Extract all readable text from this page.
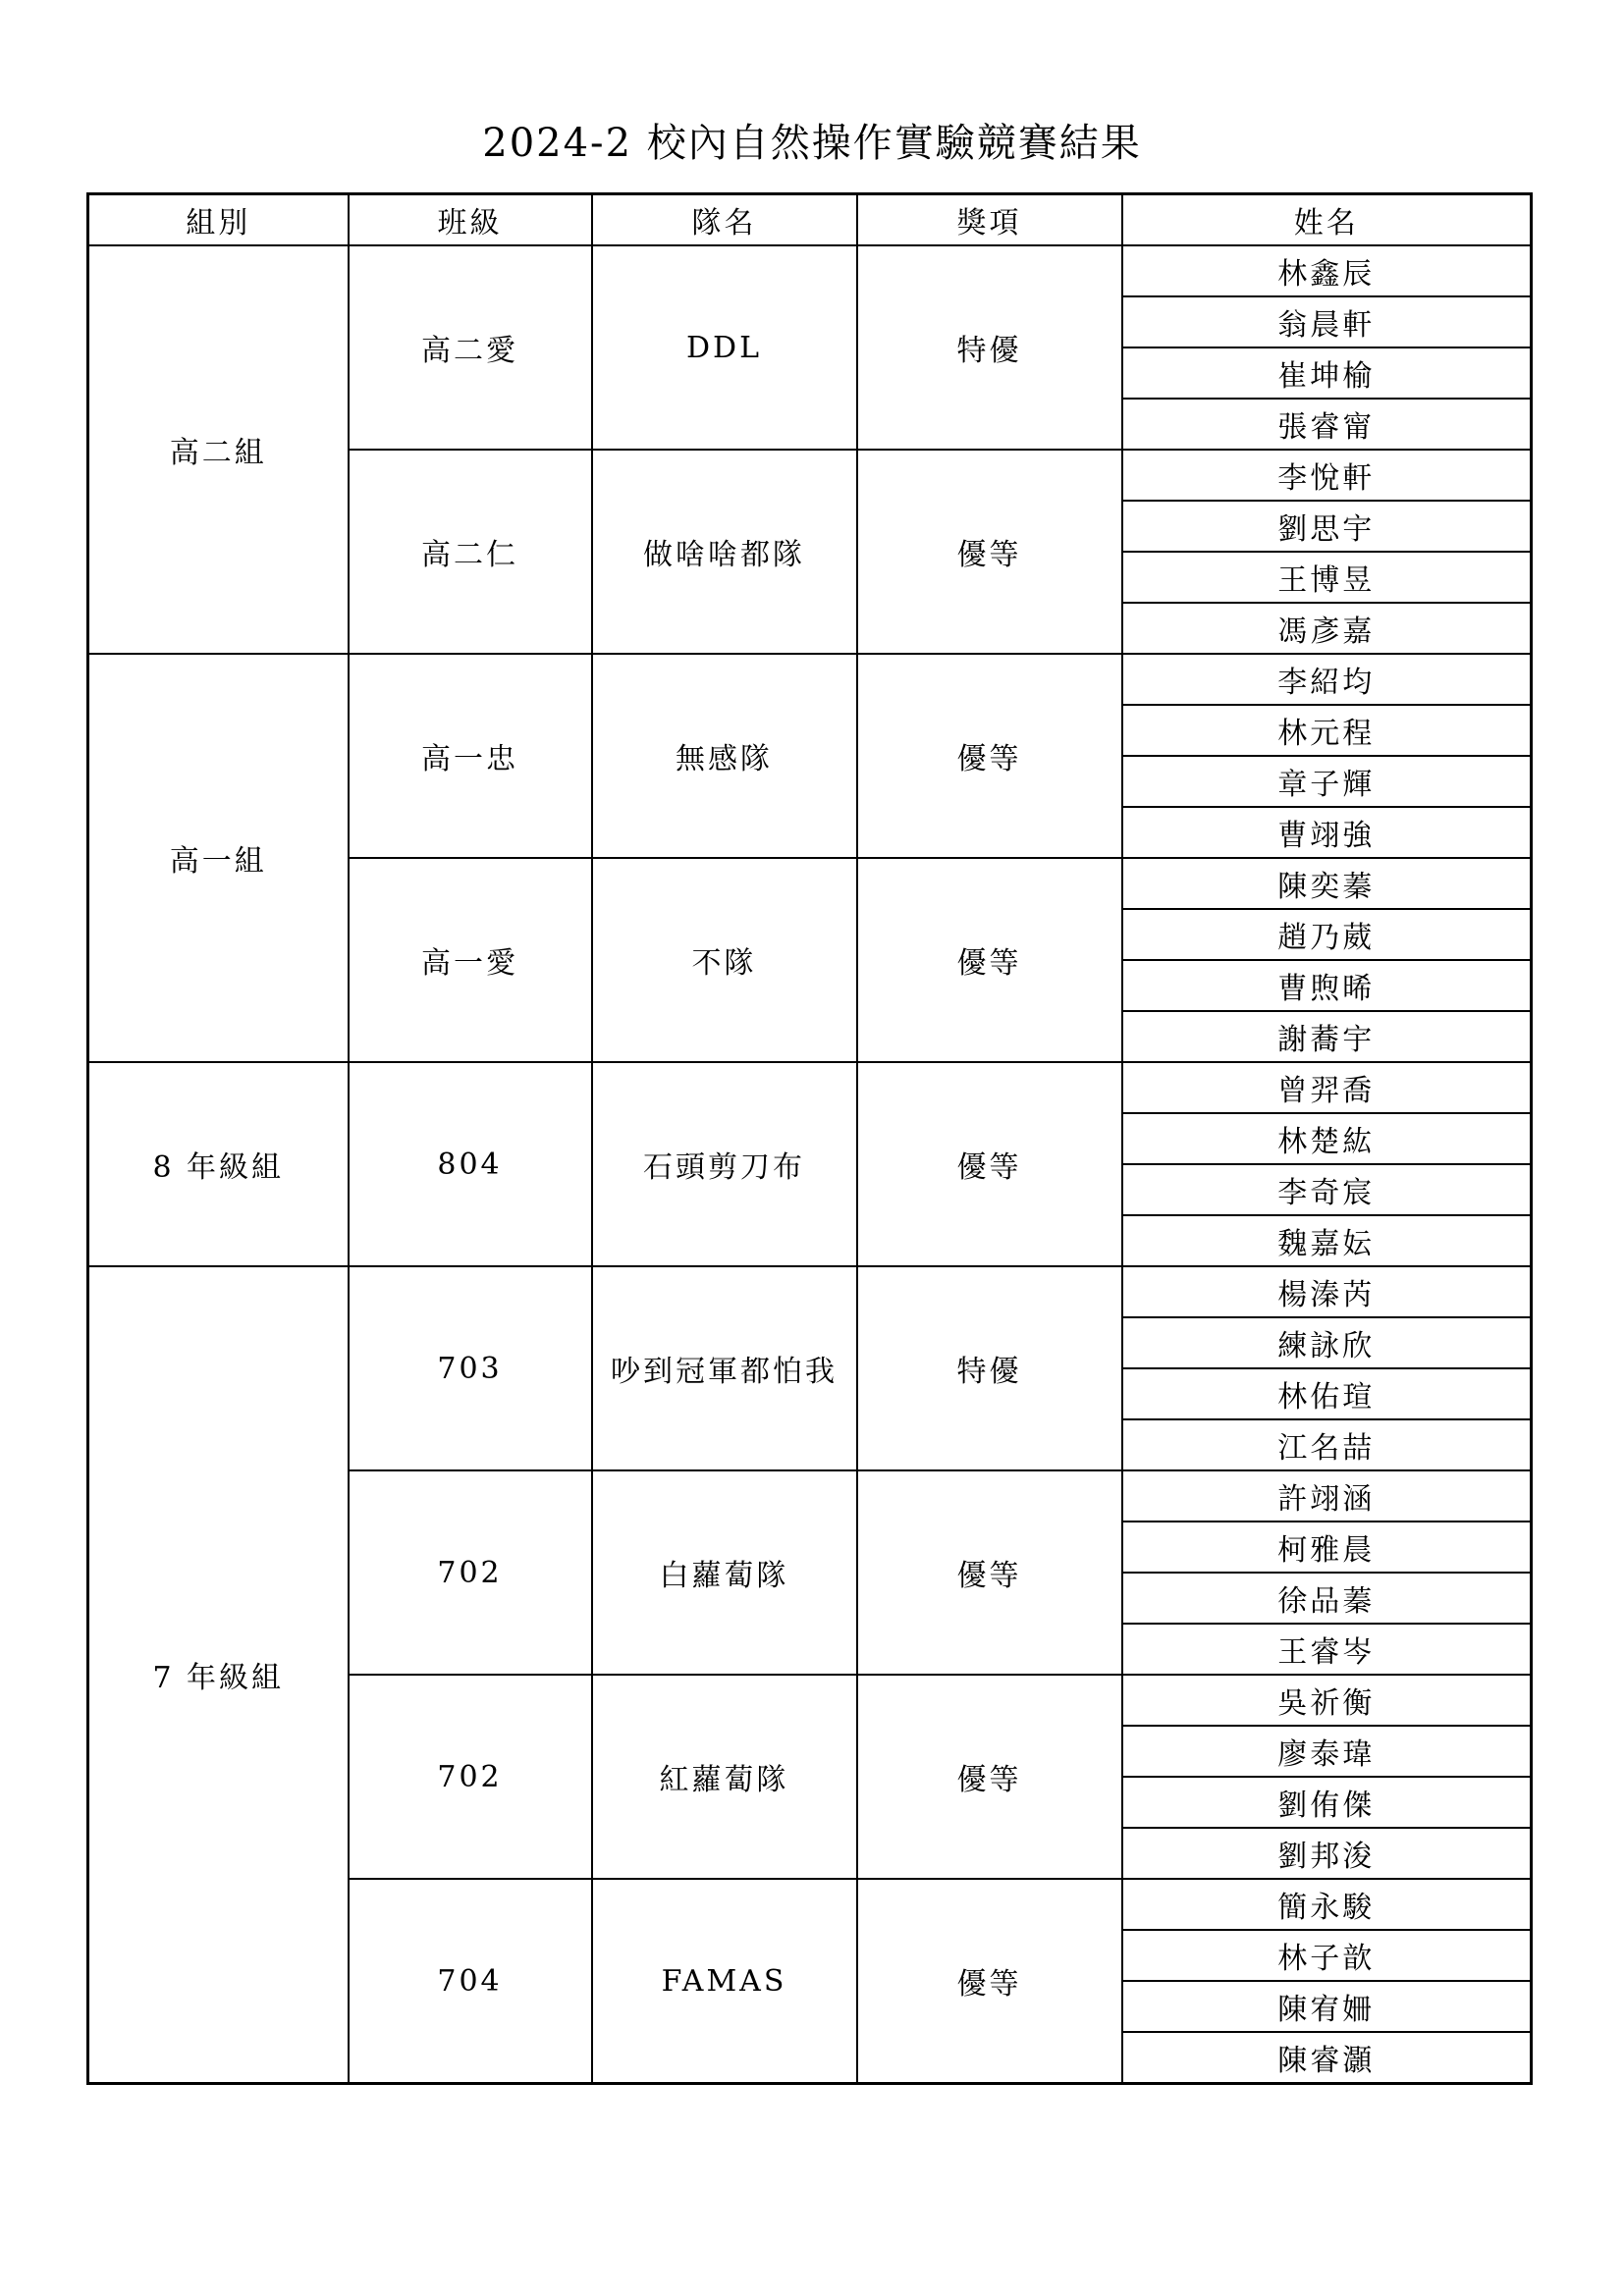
2024-2 校內自然操作實驗競賽結果
組別	班級	隊名	獎項	姓名
高二組	高二愛	DDL	特優	林鑫辰
				翁晨軒
				崔坤榆
				張睿甯
	高二仁	做啥啥都隊	優等	李悅軒
				劉思宇
				王博昱
				馮彥嘉
高一組	高一忠	無感隊	優等	李紹均
				林元程
				章子輝
				曹翊強
	高一愛	不隊	優等	陳奕蓁
				趙乃葳
				曹煦晞
				謝蕎宇
8 年級組	804	石頭剪刀布	優等	曾羿喬
				林楚紘
				李奇宸
				魏嘉妘
7 年級組	703	吵到冠軍都怕我	特優	楊溱芮
				練詠欣
				林佑瑄
				江名喆
	702	白蘿蔔隊	優等	許翊涵
				柯雅晨
				徐品蓁
				王睿岑
	702	紅蘿蔔隊	優等	吳祈衡
				廖泰瑋
				劉侑傑
				劉邦浚
	704	FAMAS	優等	簡永駿
				林子歆
				陳宥姍
				陳睿灝
